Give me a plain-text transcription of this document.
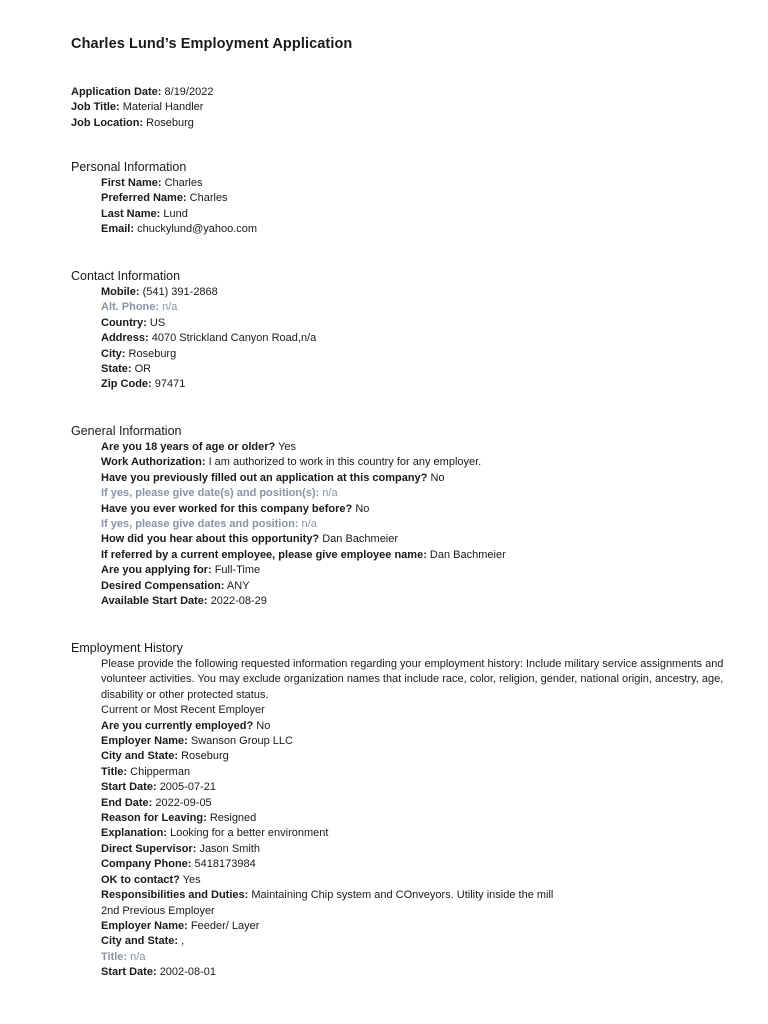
Charles Lund’s Employment Application
Application Date: 8/19/2022
Job Title: Material Handler
Job Location: Roseburg
Personal Information
First Name: Charles
Preferred Name: Charles
Last Name: Lund
Email: chuckylund@yahoo.com
Contact Information
Mobile: (541) 391-2868
Alt. Phone: n/a
Country: US
Address: 4070 Strickland Canyon Road,n/a
City: Roseburg
State: OR
Zip Code: 97471
General Information
Are you 18 years of age or older? Yes
Work Authorization: I am authorized to work in this country for any employer.
Have you previously filled out an application at this company? No
If yes, please give date(s) and position(s): n/a
Have you ever worked for this company before? No
If yes, please give dates and position: n/a
How did you hear about this opportunity? Dan Bachmeier
If referred by a current employee, please give employee name: Dan Bachmeier
Are you applying for: Full-Time
Desired Compensation: ANY
Available Start Date: 2022-08-29
Employment History
Please provide the following requested information regarding your employment history: Include military service assignments and volunteer activities. You may exclude organization names that include race, color, religion, gender, national origin, ancestry, age, disability or other protected status.
Current or Most Recent Employer
Are you currently employed? No
Employer Name: Swanson Group LLC
City and State: Roseburg
Title: Chipperman
Start Date: 2005-07-21
End Date: 2022-09-05
Reason for Leaving: Resigned
Explanation: Looking for a better environment
Direct Supervisor: Jason Smith
Company Phone: 5418173984
OK to contact? Yes
Responsibilities and Duties: Maintaining Chip system and COnveyors. Utility inside the mill
2nd Previous Employer
Employer Name: Feeder/ Layer
City and State: ,
Title: n/a
Start Date: 2002-08-01
